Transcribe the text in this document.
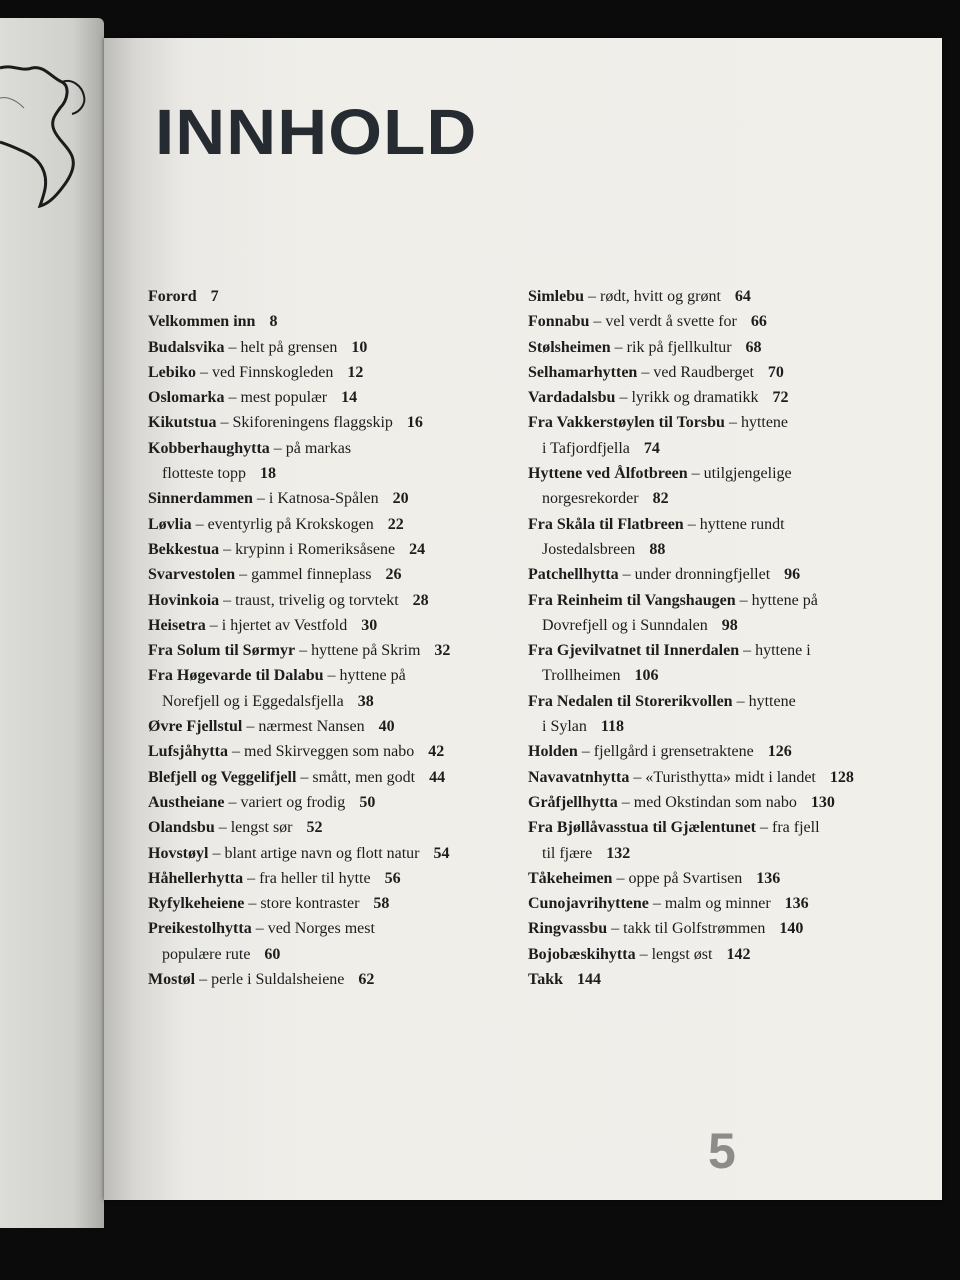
INNHOLD
Forord 7
Velkommen inn 8
Budalsvika – helt på grensen 10
Lebiko – ved Finnskogleden 12
Oslomarka – mest populær 14
Kikutstua – Skiforeningens flaggskip 16
Kobberhaughytta – på markas
flotteste topp 18
Sinnerdammen – i Katnosa-Spålen 20
Løvlia – eventyrlig på Krokskogen 22
Bekkestua – krypinn i Romeriksåsene 24
Svarvestolen – gammel finneplass 26
Hovinkoia – traust, trivelig og torvtekt 28
Heisetra – i hjertet av Vestfold 30
Fra Solum til Sørmyr – hyttene på Skrim 32
Fra Høgevarde til Dalabu – hyttene på
Norefjell og i Eggedalsfjella 38
Øvre Fjellstul – nærmest Nansen 40
Lufsjåhytta – med Skirveggen som nabo 42
Blefjell og Veggelifjell – smått, men godt 44
Austheiane – variert og frodig 50
Olandsbu – lengst sør 52
Hovstøyl – blant artige navn og flott natur 54
Håhellerhytta – fra heller til hytte 56
Ryfylkeheiene – store kontraster 58
Preikestolhytta – ved Norges mest
populære rute 60
Mostøl – perle i Suldalsheiene 62
Simlebu – rødt, hvitt og grønt 64
Fonnabu – vel verdt å svette for 66
Stølsheimen – rik på fjellkultur 68
Selhamarhytten – ved Raudberget 70
Vardadalsbu – lyrikk og dramatikk 72
Fra Vakkerstøylen til Torsbu – hyttene
i Tafjordfjella 74
Hyttene ved Ålfotbreen – utilgjengelige
norgesrekorder 82
Fra Skåla til Flatbreen – hyttene rundt
Jostedalsbreen 88
Patchellhytta – under dronningfjellet 96
Fra Reinheim til Vangshaugen – hyttene på
Dovrefjell og i Sunndalen 98
Fra Gjevilvatnet til Innerdalen – hyttene i
Trollheimen 106
Fra Nedalen til Storerikvollen – hyttene
i Sylan 118
Holden – fjellgård i grensetraktene 126
Navavatnhytta – «Turisthytta» midt i landet 128
Gråfjellhytta – med Okstindan som nabo 130
Fra Bjøllåvasstua til Gjælentunet – fra fjell
til fjære 132
Tåkeheimen – oppe på Svartisen 136
Cunojavrihyttene – malm og minner 136
Ringvassbu – takk til Golfstrømmen 140
Bojobæskihytta – lengst øst 142
Takk 144
5
